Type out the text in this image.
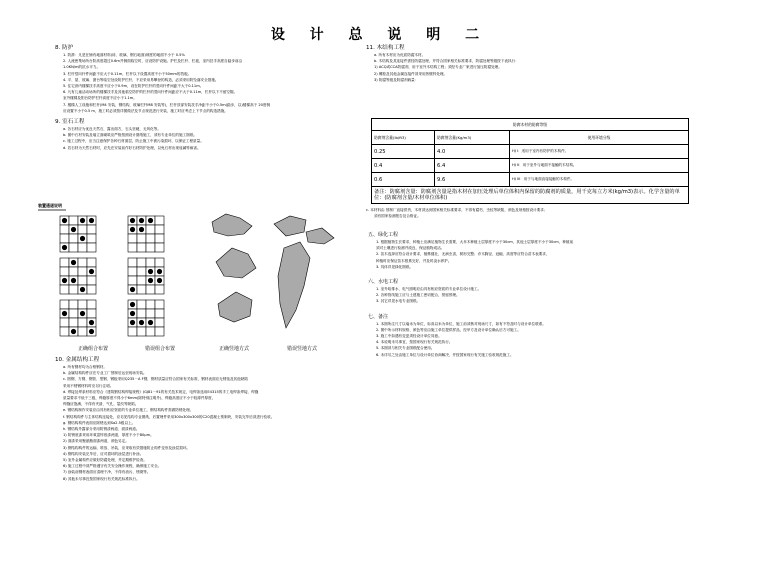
设 计 总 说 明 二

8. 防护

1. 防滑：凡是在铺有地面材料(砖、玻璃、钢石地面)坡度的地面不小于 0.5%

2. 人流密集场所台阶高度超过0.6m并侧面临空时，应设防护设施。护栏及栏杆、栏板，室内扶手高度自踏步前沿

1.0KN/m的抗水平力。

3. 栏杆竖向杆件间距不应大于0.11m，栏杆以下设置高度不小于50mm的挡板。

4. 平、屋、玻璃、窗台等临空处设防护栏杆，不应采用易攀登的构造，必须采用防坠落安全措施。

5. 住宅套内楼梯扶手高度不应小于0.9m，设在防护栏杆的竖向杆件间距不大于0.11m。

6. 凡有儿童活动场所的楼梯扶手及其他临空防护的栏杆的竖向杆件间距应不大于0.11m，栏杆以下不留空隙。

室外楼梯及阳台防护栏杆高度不应小于1.1m。

7. 楼梯人工设施和栏杆(M4 安装，钢结构，玻璃栏杆M8 安装等)，栏杆顶部安装扶手净距不小于0.5m(踏步，以)楼梯高于 20度倒

应设置不小于0.5 m，施工时必须按详图做法及节点规范进行安装，施工时应考虑上下节点的构造措施。

9. 室石工程

a. 各石材应为优良天然石，露出面方，石头坚硬，无风化等。

b. 图中石材安装及墙立面砌筑应严格按照设计图纸施工，须有专业单位的施工图纸。

c. 施工过程中，应当注意保护各种石材面层，防止施工中被污染损坏，以保证工程质量。

d. 若石材为天然石材时，应先在安装前作好石材防护处理，以免石材出现返碱等病害。

装置通道说明
正确组合布置	错误组合布置	正确竖地方式	错误竖地方式

10. 金属结构工程

a. 所有钢材均为合格钢材。

b. 金属结构构件应在专业工厂预制后运至现场安装。

c. 圆钢、方钢、钢管、型钢、钢板采用Q235－A F钢，钢材质量应符合国家有关标准，钢材表面应无锈蚀及其他缺陷

采用不锈钢材料时应另行注明。

d. 焊接及焊条材料应符合《建筑钢结构焊接规程》JGJ81－91的有关技术规定，电焊条选用E4315的手工电焊条焊接，焊缝

质量要求不低于三级，焊缝厚度不得小于6mm(除特别注明外)，焊缝高度应不小于较薄件厚度，

焊缝应饱满，不得有夹渣、气孔、裂纹等缺陷。

e. 钢结构制作安装应由具有相应资质的专业单位施工，钢结构构件需做防锈处理。

f. 钢结构构件与主体结构连接处，应另见结构专业图纸，后置埋件采用300x300x300的C20混凝土预制块，安装完毕后须进行验收。

g. 钢结构构件表面应除锈达到Sa2.5级以上。

h. 钢结构外露部分采用防锈漆两道、面漆两道。

1) 防锈底漆采用环氧富锌底漆两道，厚度不小于80μm。

2) 面漆采用聚氨酯面漆两道，颜色另定。

3) 钢结构构件的运输、堆放、吊装，应采取有效措施防止构件变形及涂层损坏。

4) 钢结构安装完毕后，应对损坏的涂层进行补涂。

5) 室外金属构件应做好防腐处理，并定期维护检查。

6) 施工过程中须严格遵守有关安全操作规程，确保施工安全。

7) 涂装前钢材表面应清理干净，不得有油污、锈斑等。

8) 其他未尽事宜按国家现行有关规范标准执行。

11. 木结构工程

a. 所有木材应为优质防腐木材。

b. 木结构及其连接件需经防腐处理，并符合国家相关标准要求，防腐处理等级按下表执行：

1) ACQ或CCA防腐剂，用于室外木结构工程；须经专业厂家进行加压防腐处理。

2) 螺栓及其他金属连接件须采用热镀锌处理。

3) 防腐等级及防腐剂载量：

防腐木材的防腐等级		
防腐剂含量(lb/ft3)	防腐剂含量(Kg/m3)	使用环境分级
0.25	4.0	HJ I：适用于室内有防护的木构件。
0.4	6.4	HJ II：用于室外与地面不接触的木结构。
0.6	9.6	HJ III：用于与地面直接接触的木构件。
备注：防腐剂含量：防腐剂含量是指木材在加压处理后单位体积内保留的防腐剂的质量，用千克每立方米(kg/m3)表示。化学含量的单位：(防腐剂含量/木材单位体积)		

c. 本材料由 预制厂直接供货，木材须达到国家相关标准要求，不得有腐朽、虫蛀等缺陷，颜色及规格按设计要求；

须有国家检测报告及合格证。

五、绿化工程

1. 根据植物生长要求，种植土应满足植物生长需要，大乔木种植土层厚度不小于30cm，其他土层厚度不小于30cm，种植前

须对土壤进行检测并改良，保证植物成活。

2. 苗木选择应符合设计要求，植株健壮，无病虫害，树形完整；乔木胸径、冠幅、高度等应符合苗木表要求，

种植时应保证苗木根系完好，并及时浇水养护。

3. 具体详见绿化图纸。

六、水电工程

1. 室外给排水、电气照明应由具有相应资质的专业单位设计施工。

2. 各种管线施工应与土建施工密切配合，预留预埋。

3. 其它详见水电专业图纸。

七、备注

1. 本图所注尺寸以毫米为单位，标高以米为单位，施工前须核对现场尺寸，如有不符及时与设计单位联系。

2. 图中所示材料规格、颜色等应由施工单位提供样品，经甲方及设计单位确认后方可施工。

3. 施工中如遇有变更须经设计单位同意。

4. 本说明未尽事宜，按国家现行有关规范执行。

5. 本图须与相关专业图纸配合使用。

6. 未详尽之处由施工单位与设计单位协商解决，并按国家现行有关施工验收规范施工。
